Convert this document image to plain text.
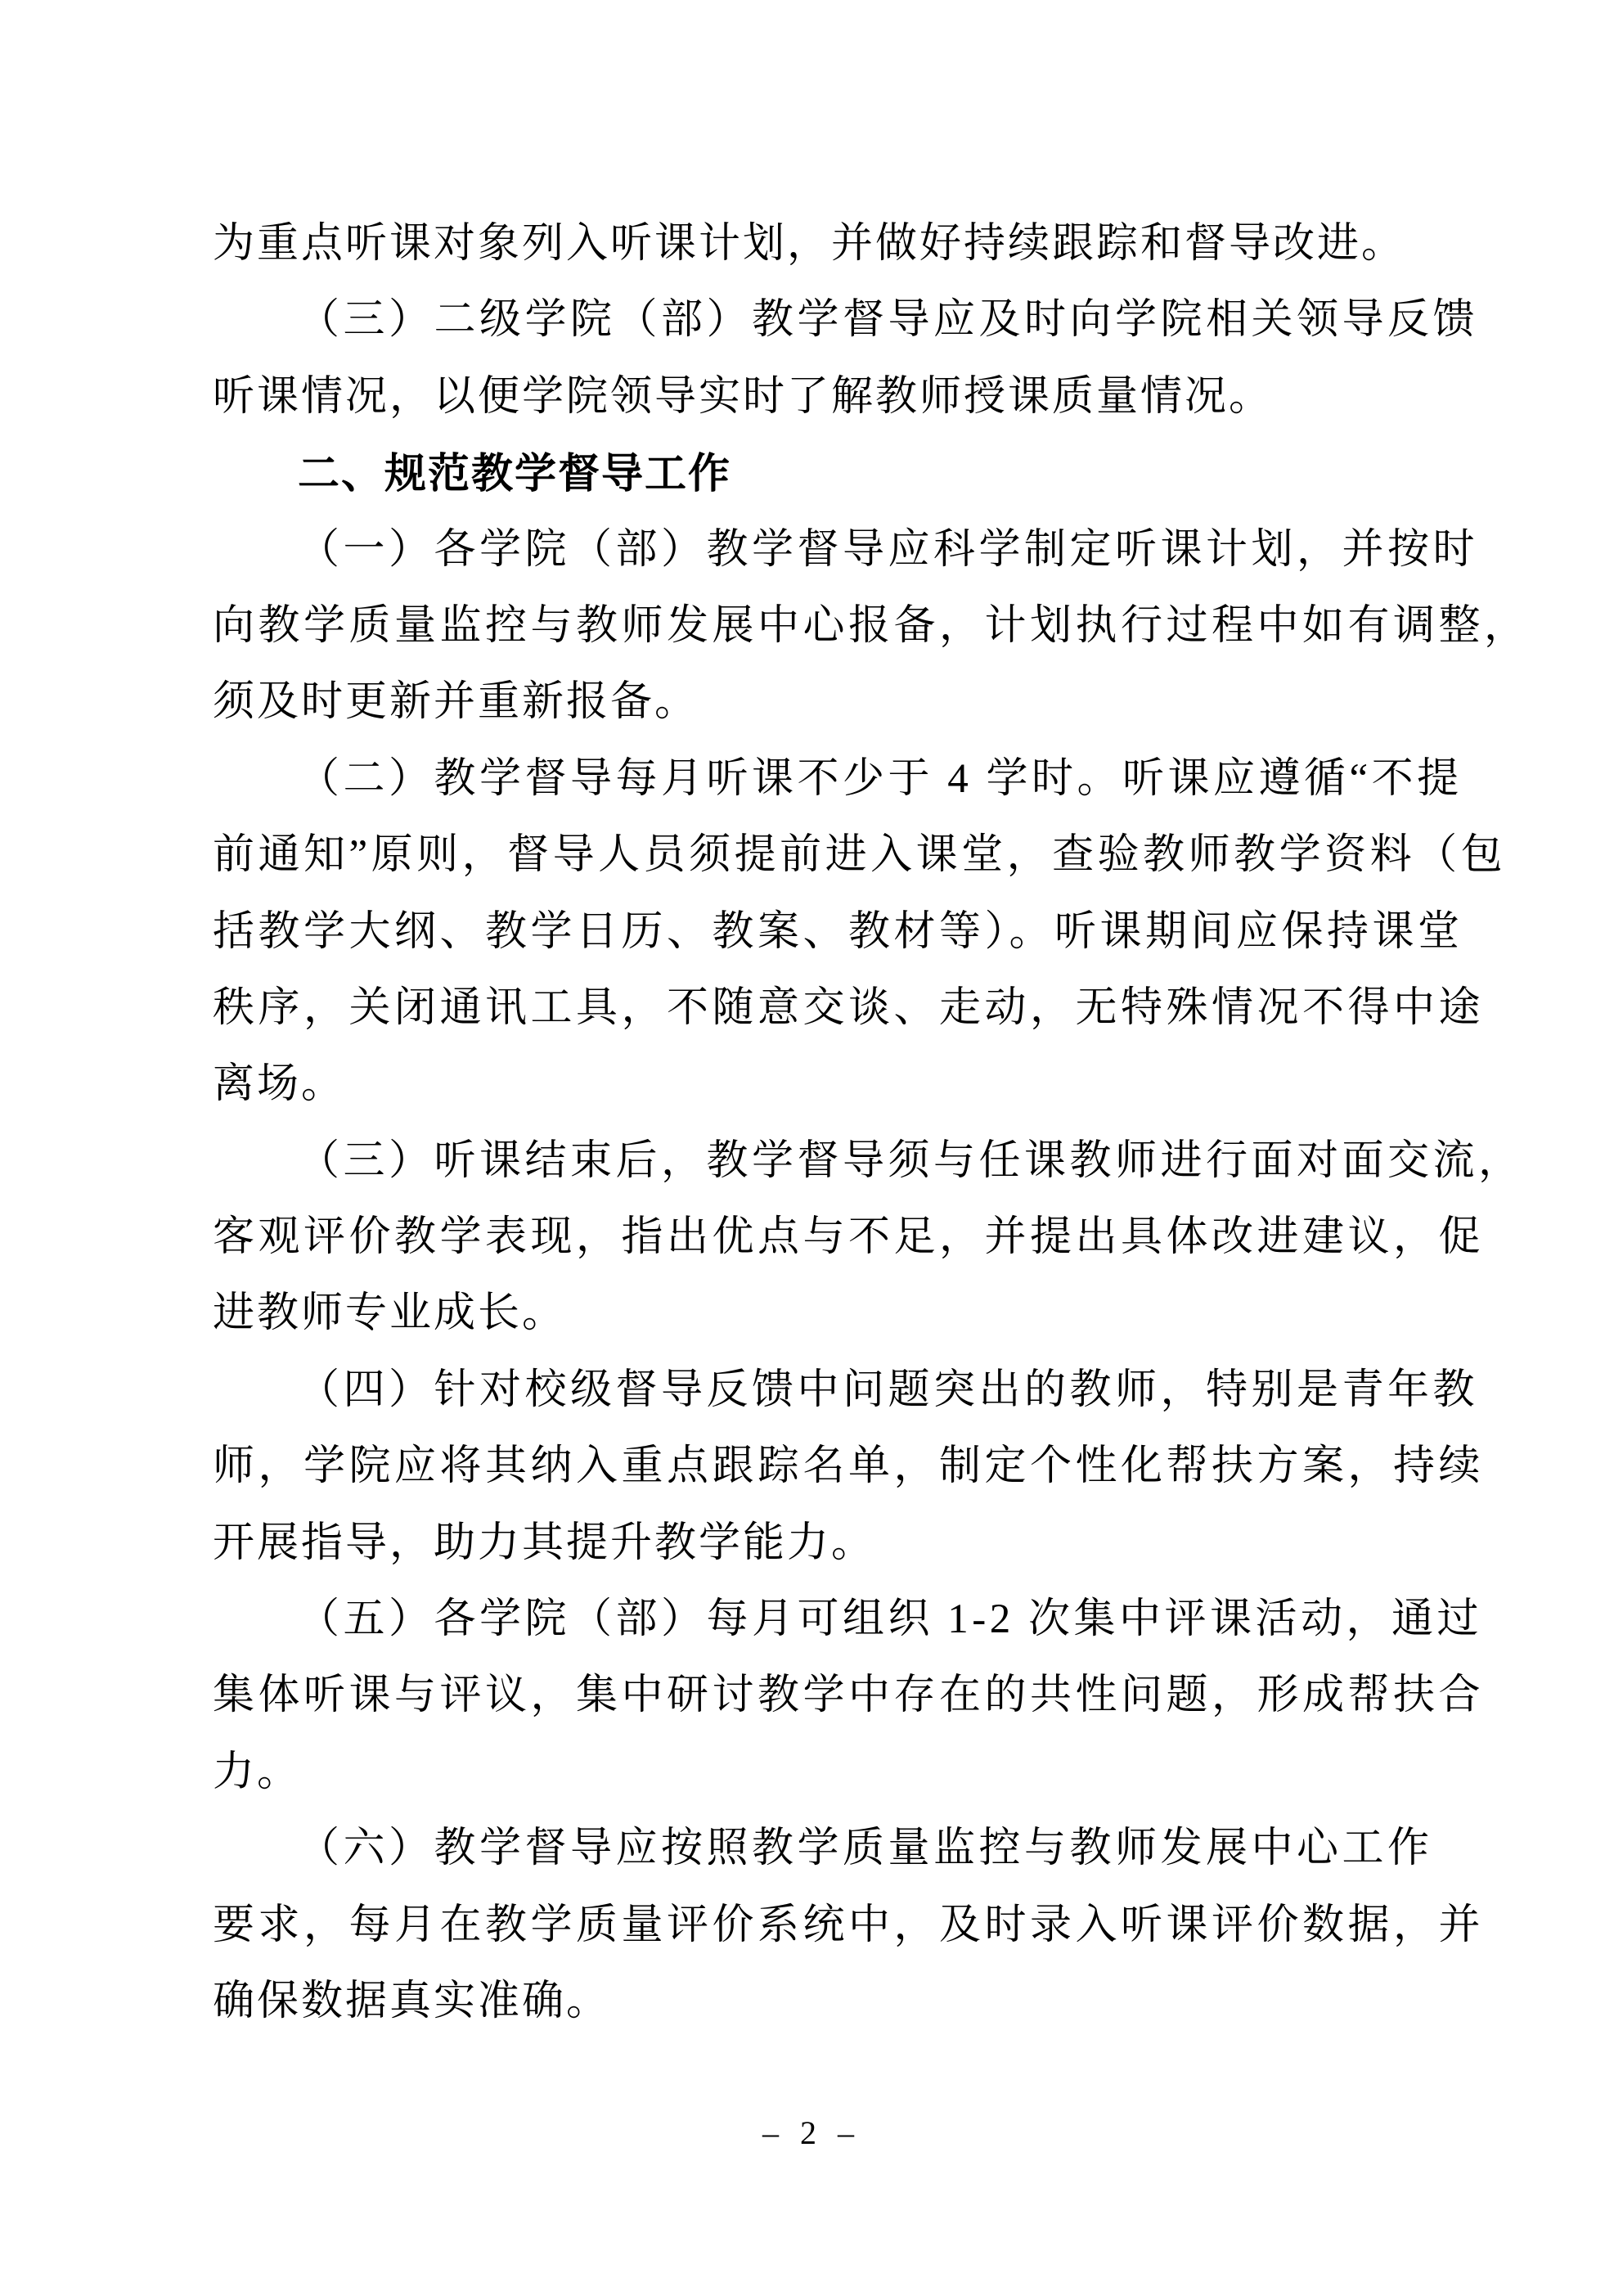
为重点听课对象列入听课计划，并做好持续跟踪和督导改进。
（三）二级学院（部）教学督导应及时向学院相关领导反馈
听课情况，以便学院领导实时了解教师授课质量情况。
二、规范教学督导工作
（一）各学院（部）教学督导应科学制定听课计划，并按时
向教学质量监控与教师发展中心报备，计划执行过程中如有调整，
须及时更新并重新报备。
（二）教学督导每月听课不少于 4 学时。听课应遵循“不提
前通知”原则，督导人员须提前进入课堂，查验教师教学资料（包
括教学大纲、教学日历、教案、教材等）。听课期间应保持课堂
秩序，关闭通讯工具，不随意交谈、走动，无特殊情况不得中途
离场。
（三）听课结束后，教学督导须与任课教师进行面对面交流，
客观评价教学表现，指出优点与不足，并提出具体改进建议，促
进教师专业成长。
（四）针对校级督导反馈中问题突出的教师，特别是青年教
师，学院应将其纳入重点跟踪名单，制定个性化帮扶方案，持续
开展指导，助力其提升教学能力。
（五）各学院（部）每月可组织 1-2 次集中评课活动，通过
集体听课与评议，集中研讨教学中存在的共性问题，形成帮扶合
力。
（六）教学督导应按照教学质量监控与教师发展中心工作
要求，每月在教学质量评价系统中，及时录入听课评价数据，并
确保数据真实准确。
– 2 –
